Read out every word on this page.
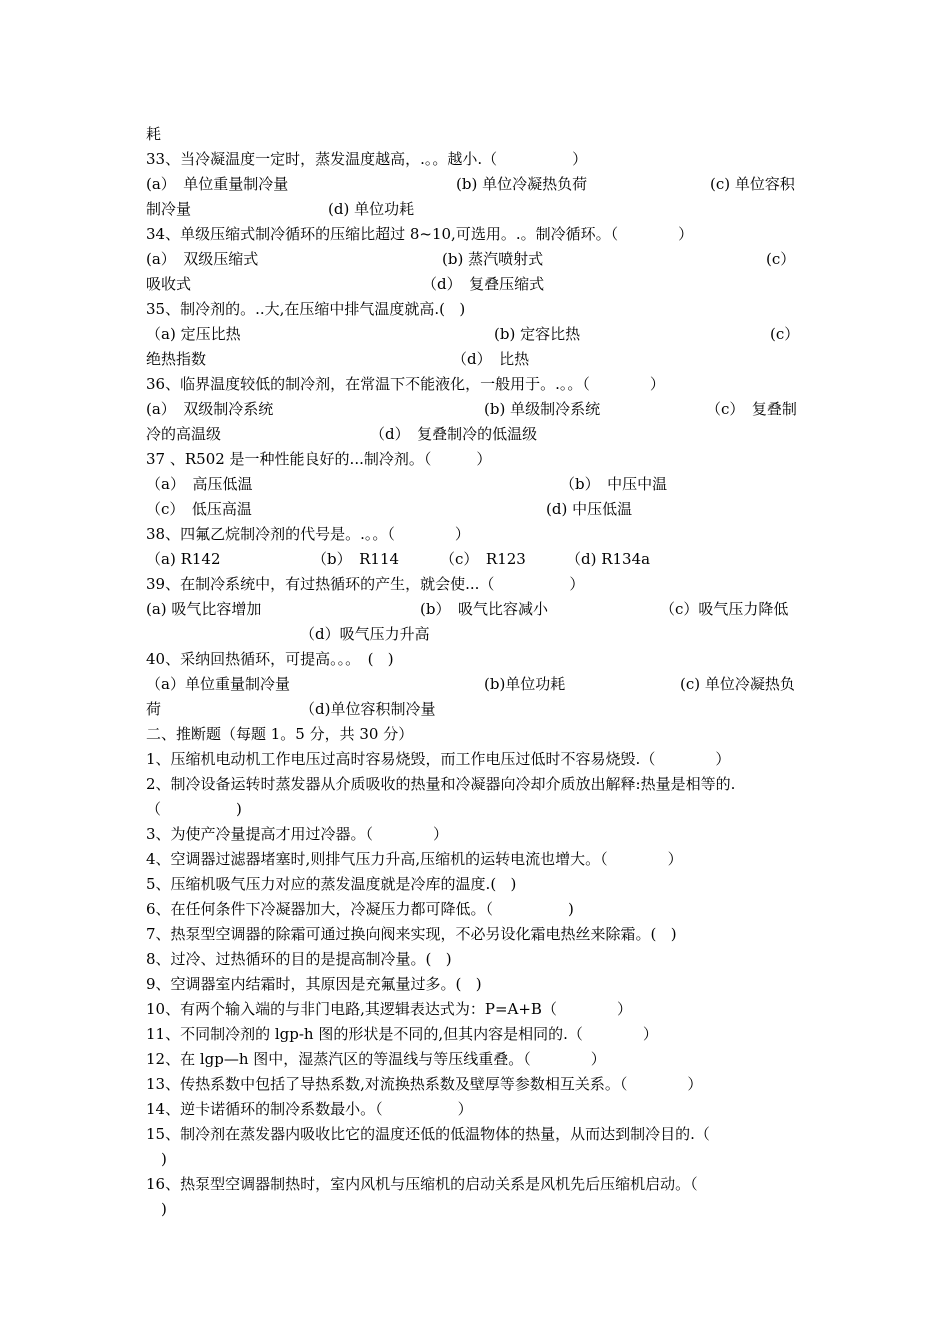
耗
33、当冷凝温度一定时，蒸发温度越高，.。。越小.（　　　　　）
(a）　单位重量制冷量	(b) 单位冷凝热负荷	(c) 单位容积
制冷量	(d) 单位功耗
34、单级压缩式制冷循环的压缩比超过 8~10,可选用。.。制冷循环。（　　　　）
(a）　双级压缩式	(b) 蒸汽喷射式	(c）
吸收式	（d）　复叠压缩式
35、制冷剂的。..大,在压缩中排气温度就高.(   )
（a) 定压比热	(b) 定容比热	(c）
绝热指数	（d）　比热
36、临界温度较低的制冷剂，在常温下不能液化，一般用于。.。。（　　　　）
(a）　双级制冷系统	(b) 单级制冷系统	（c）　复叠制
冷的高温级	（d）　复叠制冷的低温级
37 、R502 是一种性能良好的...制冷剂。（　　　）
（a）　高压低温	（b）　中压中温
（c）　低压高温	(d) 中压低温
38、四氟乙烷制冷剂的代号是。.。。（　　　　）
（a) R142	（b）　R114	（c）　R123	（d) R134a
39、在制冷系统中，有过热循环的产生，就会使...（　　　　　）
(a) 吸气比容增加	(b）　吸气比容减小	（c）吸气压力降低
（d）吸气压力升高
40、采纳回热循环，可提高。。。　(   )
（a）单位重量制冷量	(b)单位功耗	(c) 单位冷凝热负
荷	（d)单位容积制冷量
二、推断题（每题 1。5 分，共 30 分）
1、压缩机电动机工作电压过高时容易烧毁，而工作电压过低时不容易烧毁.（　　　　）
2、制冷设备运转时蒸发器从介质吸收的热量和冷凝器向冷却介质放出解释:热量是相等的.
（　　　　　)
3、为使产冷量提高才用过冷器。（　　　　）
4、空调器过滤器堵塞时,则排气压力升高,压缩机的运转电流也增大。（　　　　）
5、压缩机吸气压力对应的蒸发温度就是冷库的温度.(   )
6、在任何条件下冷凝器加大，冷凝压力都可降低。（　　　　　)
7、热泵型空调器的除霜可通过换向阀来实现，不必另设化霜电热丝来除霜。(   )
8、过冷、过热循环的目的是提高制冷量。(   )
9、空调器室内结霜时，其原因是充氟量过多。(   )
10、有两个输入端的与非门电路,其逻辑表达式为：P=A+B（　　　　）
11、不同制冷剂的 lgp-h 图的形状是不同的,但其内容是相同的.（　　　　）
12、在 lgp—h 图中，湿蒸汽区的等温线与等压线重叠。（　　　　）
13、传热系数中包括了导热系数,对流换热系数及壁厚等参数相互关系。（　　　　）
14、逆卡诺循环的制冷系数最小。（　　　　　）
15、制冷剂在蒸发器内吸收比它的温度还低的低温物体的热量，从而达到制冷目的.（
　)
16、热泵型空调器制热时，室内风机与压缩机的启动关系是风机先后压缩机启动。（
　)
